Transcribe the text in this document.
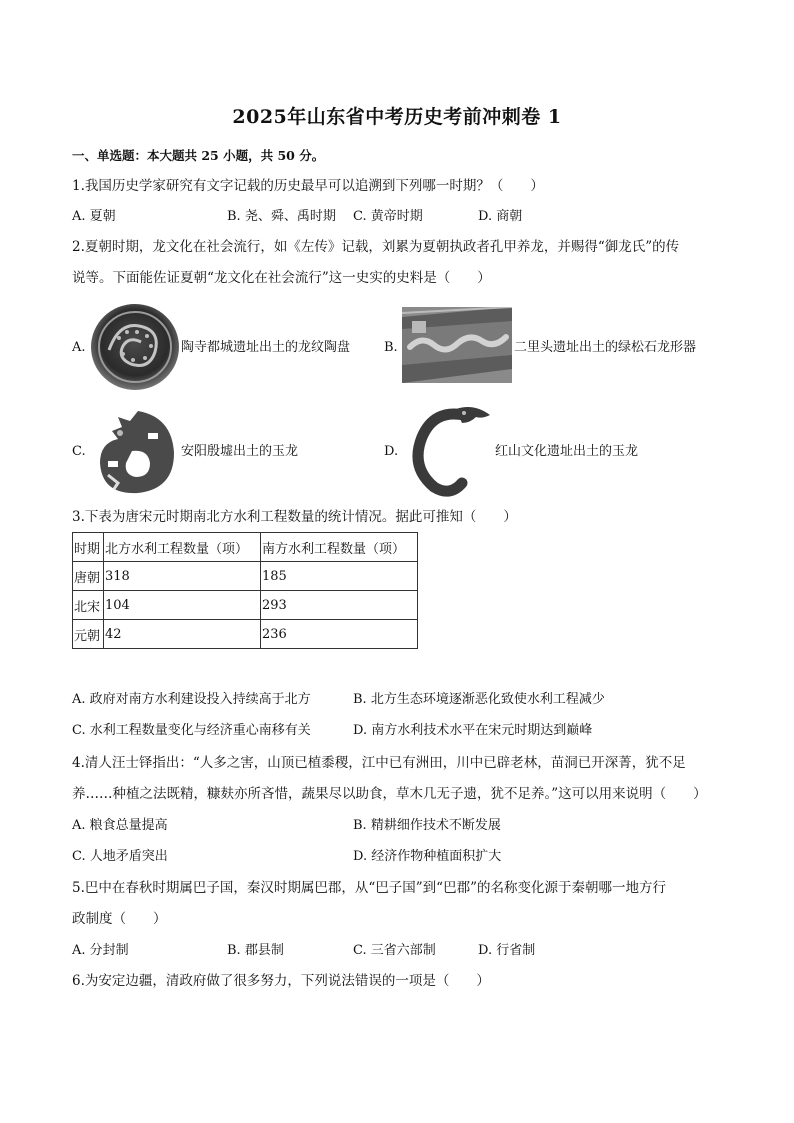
2025年山东省中考历史考前冲刺卷 1
一、单选题：本大题共 25 小题，共 50 分。
1.我国历史学家研究有文字记载的历史最早可以追溯到下列哪一时期？（　　）
A. 夏朝	B. 尧、舜、禹时期 C. 黄帝时期	D. 商朝
2.夏朝时期，龙文化在社会流行，如《左传》记载，刘累为夏朝执政者孔甲养龙，并赐得“御龙氏”的传
说等。下面能佐证夏朝“龙文化在社会流行”这一史实的史料是（　　）
A.	陶寺都城遗址出土的龙纹陶盘	B.	二里头遗址出土的绿松石龙形器
C.	安阳殷墟出土的玉龙	D.	红山文化遗址出土的玉龙
3.下表为唐宋元时期南北方水利工程数量的统计情况。据此可推知（　　）
时期	北方水利工程数量（项）	南方水利工程数量（项）
唐朝	318	185
北宋	104	293
元朝	42	236
A. 政府对南方水利建设投入持续高于北方	B. 北方生态环境逐渐恶化致使水利工程减少
C. 水利工程数量变化与经济重心南移有关	D. 南方水利技术水平在宋元时期达到巅峰
4.清人汪士铎指出：“人多之害，山顶已植黍稷，江中已有洲田，川中已辟老林，苗洞已开深菁，犹不足
养……种植之法既精，糠麸亦所吝惜，蔬果尽以助食，草木几无子遗，犹不足养。”这可以用来说明（　　）
A. 粮食总量提高	B. 精耕细作技术不断发展
C. 人地矛盾突出	D. 经济作物种植面积扩大
5.巴中在春秋时期属巴子国，秦汉时期属巴郡，从“巴子国”到“巴郡”的名称变化源于秦朝哪一地方行
政制度（　　）
A. 分封制	B. 郡县制	C. 三省六部制	D. 行省制
6.为安定边疆，清政府做了很多努力，下列说法错误的一项是（　　）
